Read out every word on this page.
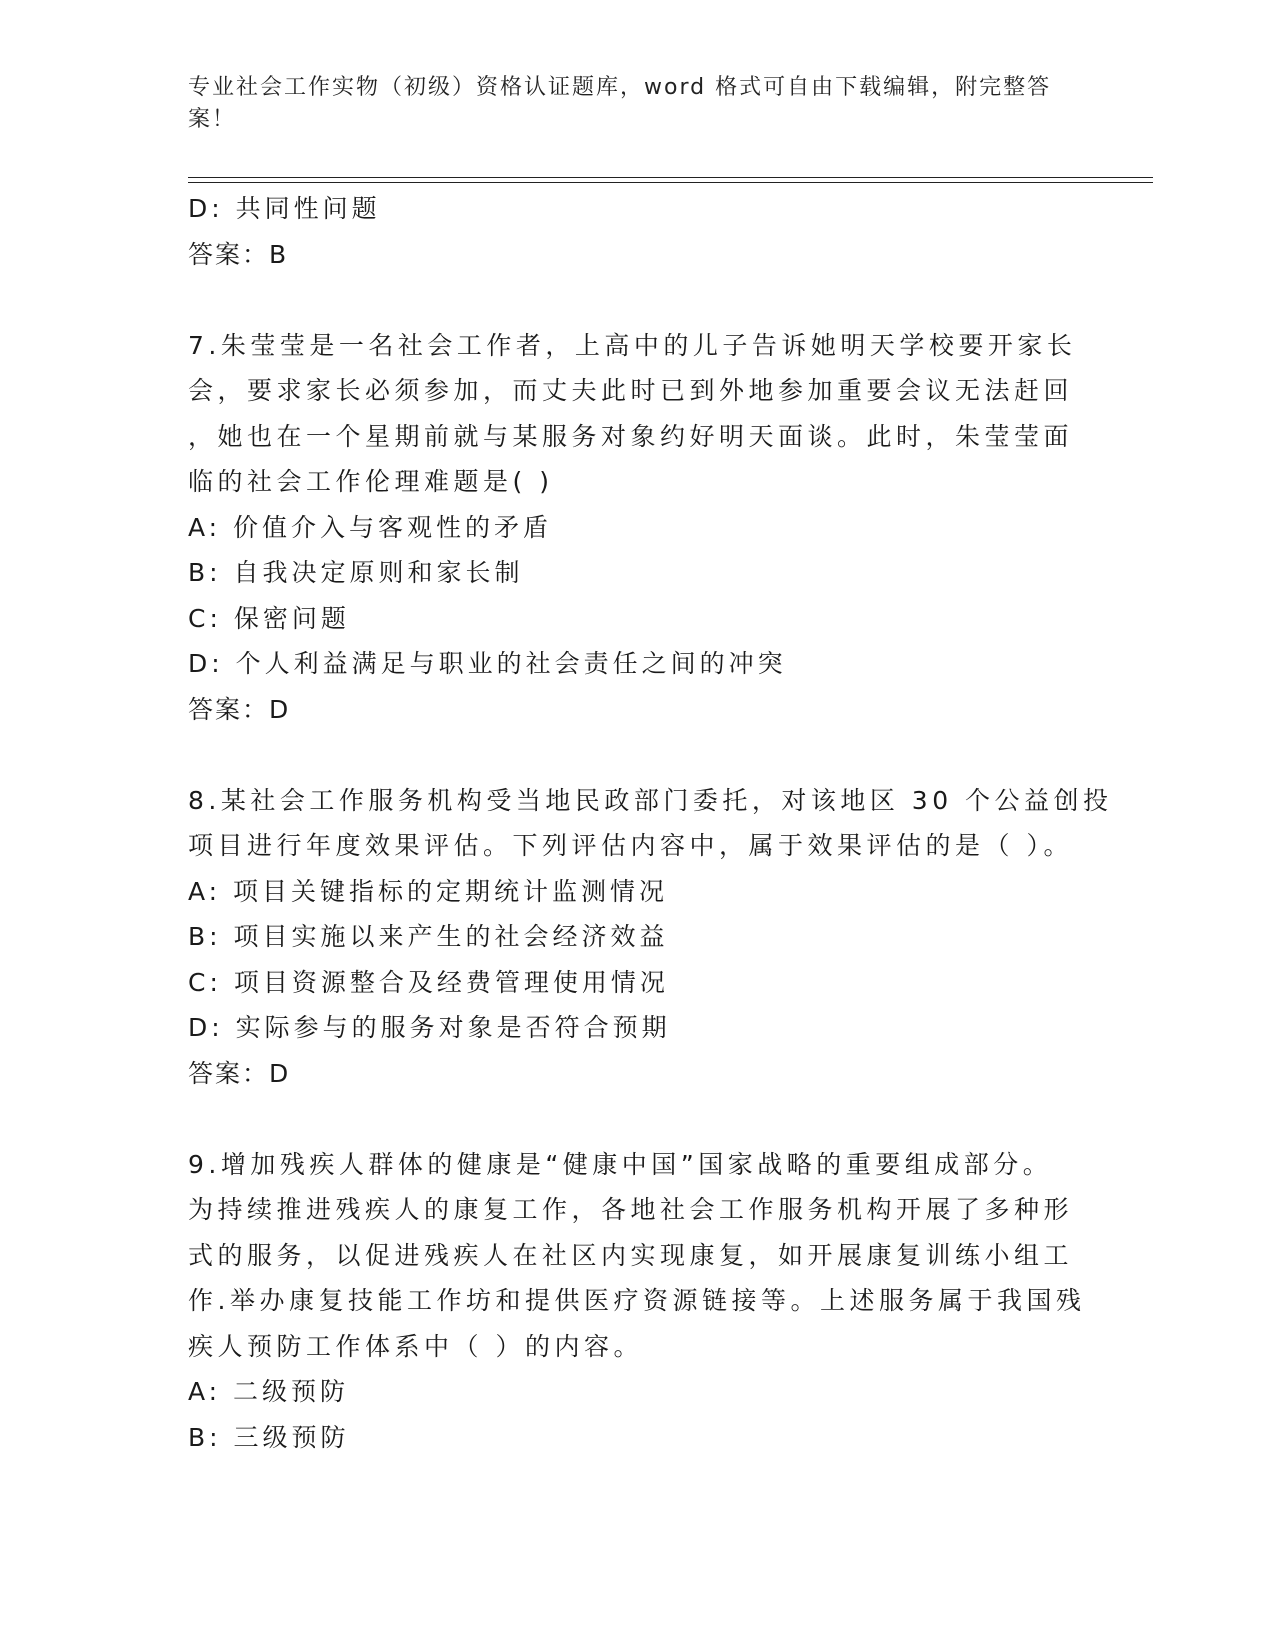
专业社会工作实物（初级）资格认证题库，word 格式可自由下载编辑，附完整答
案！
D: 共同性问题
答案：B
7.朱莹莹是一名社会工作者，上高中的儿子告诉她明天学校要开家长
会，要求家长必须参加，而丈夫此时已到外地参加重要会议无法赶回
，她也在一个星期前就与某服务对象约好明天面谈。此时，朱莹莹面
临的社会工作伦理难题是( )
A: 价值介入与客观性的矛盾
B: 自我决定原则和家长制
C: 保密问题
D: 个人利益满足与职业的社会责任之间的冲突
答案：D
8.某社会工作服务机构受当地民政部门委托，对该地区 30 个公益创投
项目进行年度效果评估。下列评估内容中，属于效果评估的是（ ）。
A: 项目关键指标的定期统计监测情况
B: 项目实施以来产生的社会经济效益
C: 项目资源整合及经费管理使用情况
D: 实际参与的服务对象是否符合预期
答案：D
9.增加残疾人群体的健康是“健康中国”国家战略的重要组成部分。
为持续推进残疾人的康复工作，各地社会工作服务机构开展了多种形
式的服务，以促进残疾人在社区内实现康复，如开展康复训练小组工
作.举办康复技能工作坊和提供医疗资源链接等。上述服务属于我国残
疾人预防工作体系中（ ）的内容。
A: 二级预防
B: 三级预防
